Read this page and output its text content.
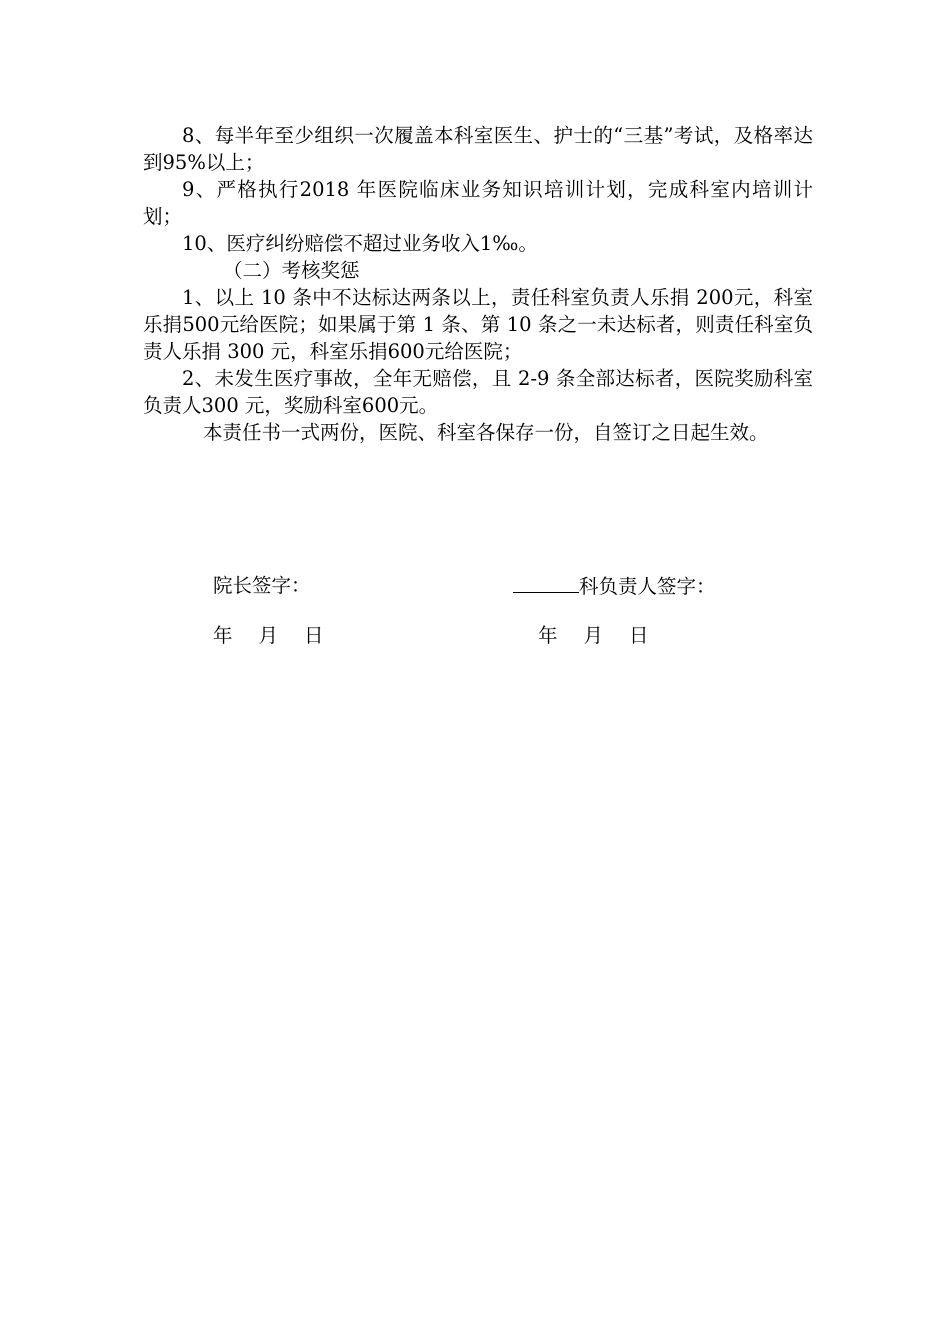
8、每半年至少组织一次履盖本科室医生、护士的“三基”考试，及格率达到95%以上；

9、严格执行2018 年医院临床业务知识培训计划，完成科室内培训计划；

10、医疗纠纷赔偿不超过业务收入1‰。

（二）考核奖惩

1、以上 10 条中不达标达两条以上，责任科室负责人乐捐 200元，科室乐捐500元给医院；如果属于第 1 条、第 10 条之一未达标者，则责任科室负责人乐捐 300 元，科室乐捐600元给医院；

2、未发生医疗事故，全年无赔偿，且 2-9 条全部达标者，医院奖励科室负责人300 元，奖励科室600元。

本责任书一式两份，医院、科室各保存一份，自签订之日起生效。

院长签字：	科负责人签字：
年 月 日	年 月 日
